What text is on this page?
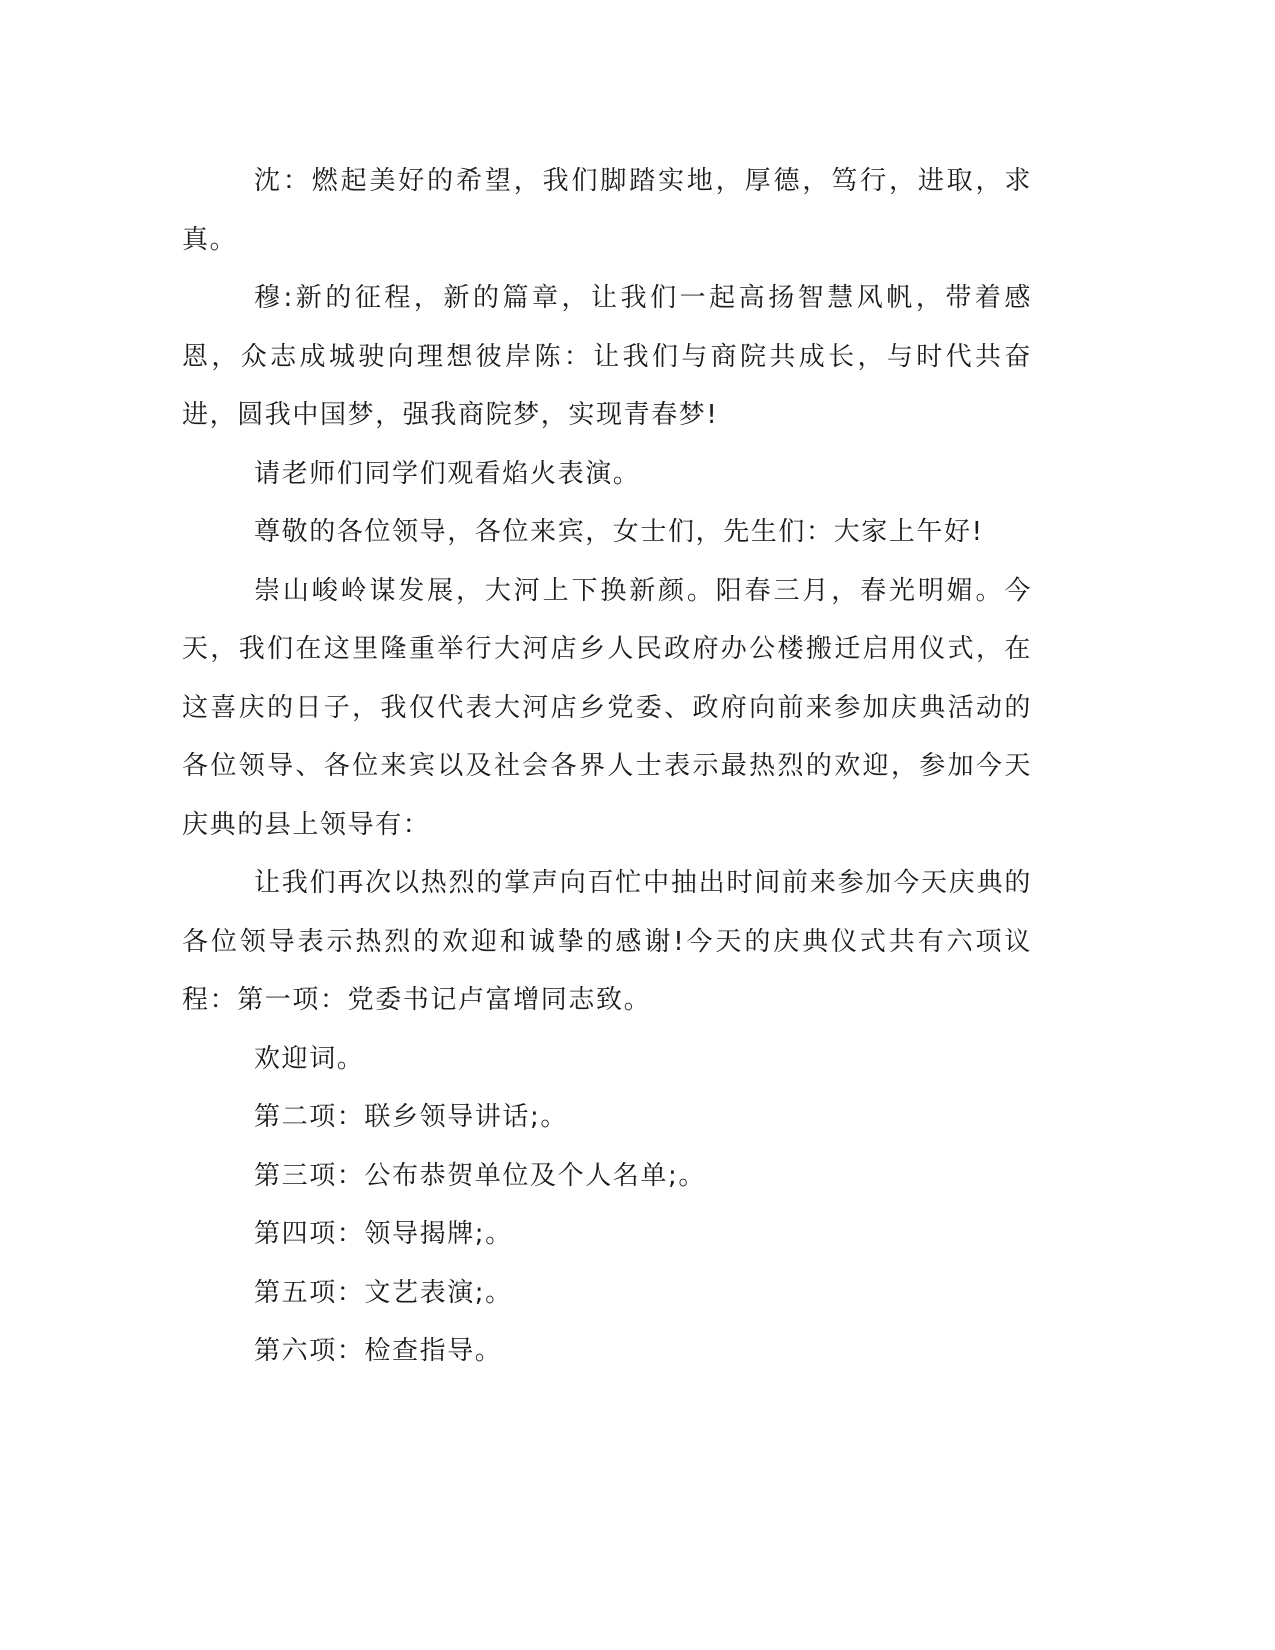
沈：燃起美好的希望，我们脚踏实地，厚德，笃行，进取，求真。

穆:新的征程，新的篇章，让我们一起高扬智慧风帆，带着感恩，众志成城驶向理想彼岸陈：让我们与商院共成长，与时代共奋进，圆我中国梦，强我商院梦，实现青春梦!

请老师们同学们观看焰火表演。

尊敬的各位领导，各位来宾，女士们，先生们：大家上午好!

崇山峻岭谋发展，大河上下换新颜。阳春三月，春光明媚。今天，我们在这里隆重举行大河店乡人民政府办公楼搬迁启用仪式，在这喜庆的日子，我仅代表大河店乡党委、政府向前来参加庆典活动的各位领导、各位来宾以及社会各界人士表示最热烈的欢迎，参加今天庆典的县上领导有：

让我们再次以热烈的掌声向百忙中抽出时间前来参加今天庆典的各位领导表示热烈的欢迎和诚挚的感谢!今天的庆典仪式共有六项议程：第一项：党委书记卢富增同志致。

欢迎词。

第二项：联乡领导讲话;。

第三项：公布恭贺单位及个人名单;。

第四项：领导揭牌;。

第五项：文艺表演;。

第六项：检查指导。
